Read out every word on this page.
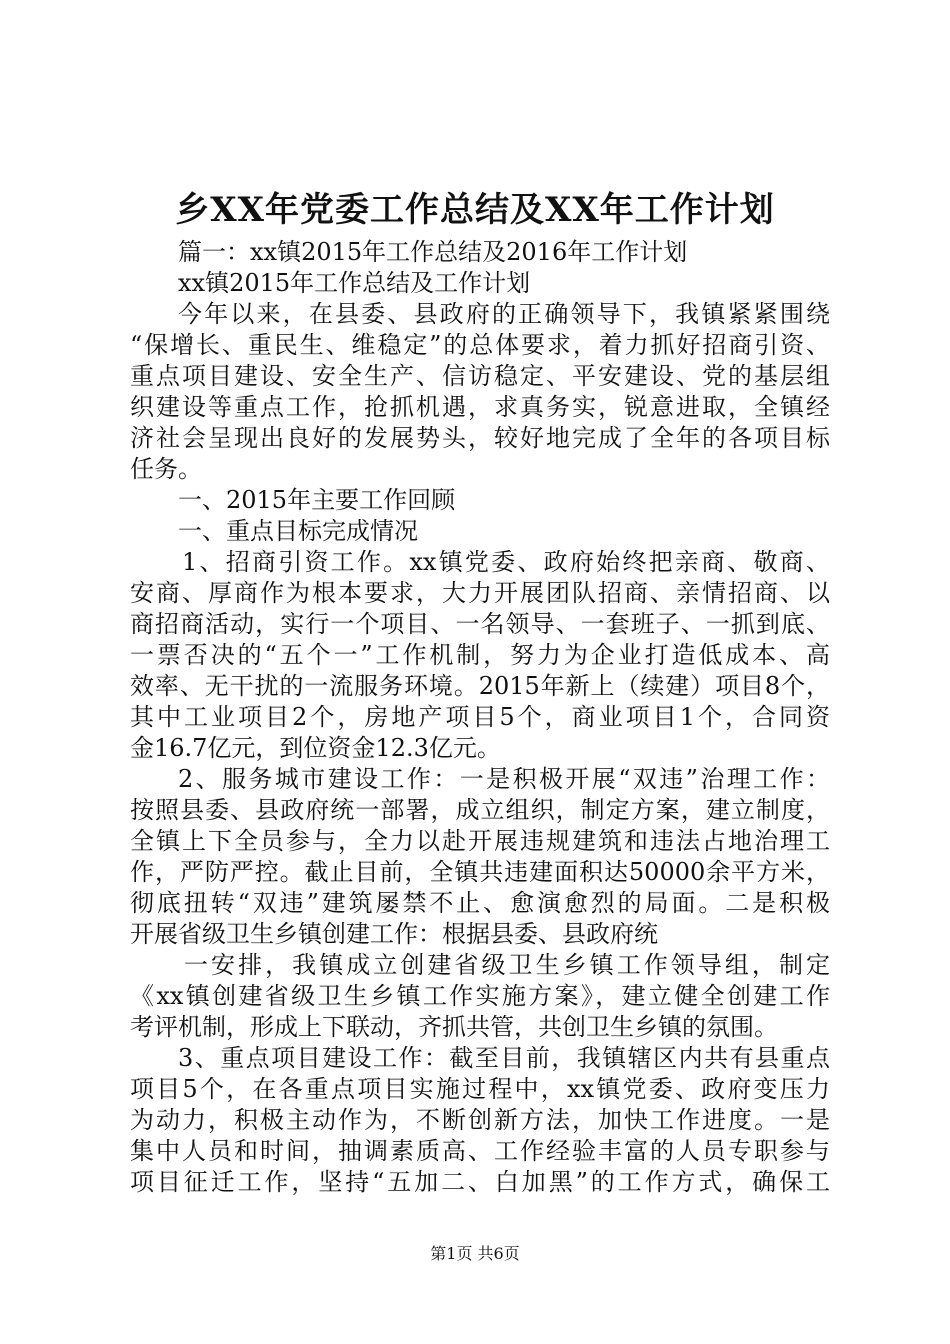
乡XX年党委工作总结及XX年工作计划
篇一：xx镇2015年工作总结及2016年工作计划
xx镇2015年工作总结及工作计划
今年以来，在县委、县政府的正确领导下，我镇紧紧围绕
“保增长、重民生、维稳定”的总体要求，着力抓好招商引资、
重点项目建设、安全生产、信访稳定、平安建设、党的基层组
织建设等重点工作，抢抓机遇，求真务实，锐意进取，全镇经
济社会呈现出良好的发展势头，较好地完成了全年的各项目标
任务。
一、2015年主要工作回顾
一、重点目标完成情况
1、招商引资工作。xx镇党委、政府始终把亲商、敬商、
安商、厚商作为根本要求，大力开展团队招商、亲情招商、以
商招商活动，实行一个项目、一名领导、一套班子、一抓到底、
一票否决的“五个一”工作机制，努力为企业打造低成本、高
效率、无干扰的一流服务环境。2015年新上（续建）项目8个，
其中工业项目2个，房地产项目5个，商业项目1个，合同资
金16.7亿元，到位资金12.3亿元。
2、服务城市建设工作：一是积极开展“双违”治理工作：
按照县委、县政府统一部署，成立组织，制定方案，建立制度，
全镇上下全员参与，全力以赴开展违规建筑和违法占地治理工
作，严防严控。截止目前，全镇共违建面积达50000余平方米，
彻底扭转“双违”建筑屡禁不止、愈演愈烈的局面。二是积极
开展省级卫生乡镇创建工作：根据县委、县政府统
一安排，我镇成立创建省级卫生乡镇工作领导组，制定
《xx镇创建省级卫生乡镇工作实施方案》，建立健全创建工作
考评机制，形成上下联动，齐抓共管，共创卫生乡镇的氛围。
3、重点项目建设工作：截至目前，我镇辖区内共有县重点
项目5个，在各重点项目实施过程中，xx镇党委、政府变压力
为动力，积极主动作为，不断创新方法，加快工作进度。一是
集中人员和时间，抽调素质高、工作经验丰富的人员专职参与
项目征迁工作，坚持“五加二、白加黑”的工作方式，确保工
第1页 共6页
